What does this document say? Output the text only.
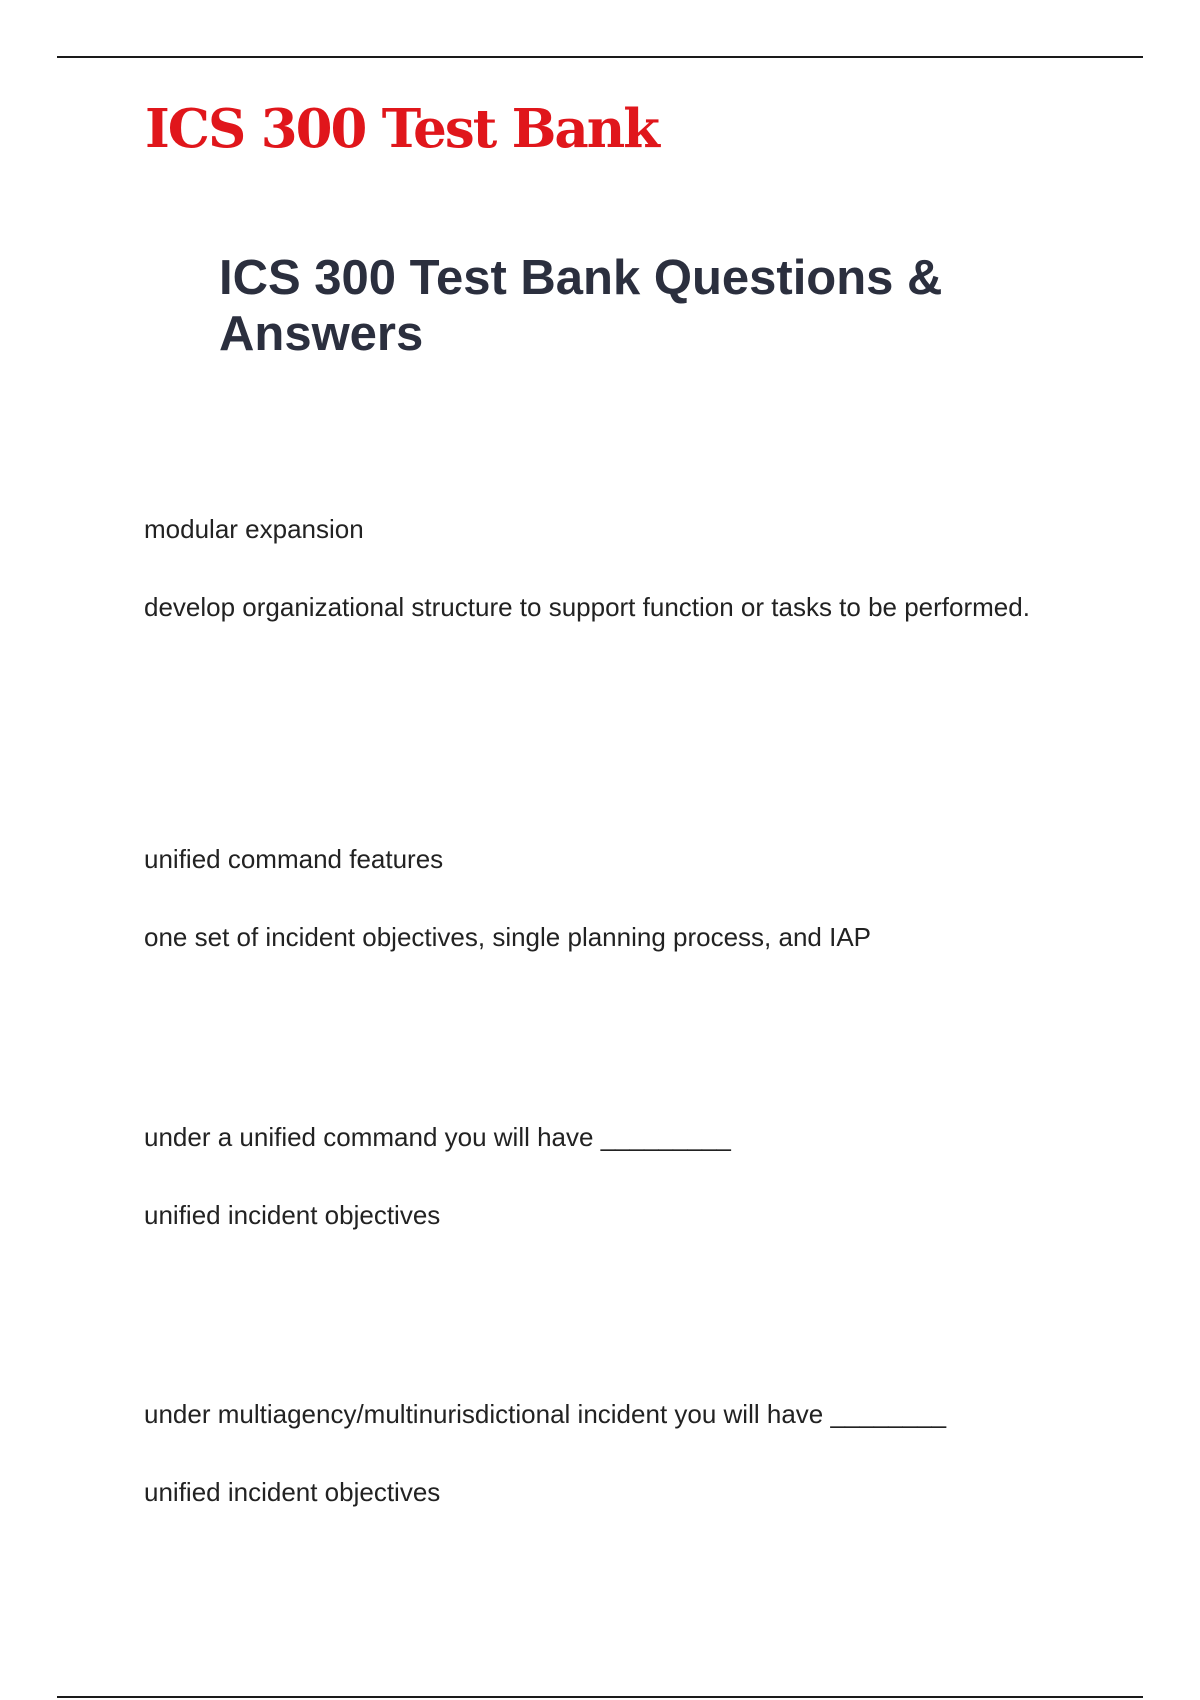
ICS 300 Test Bank
ICS 300 Test Bank Questions & Answers
modular expansion
develop organizational structure to support function or tasks to be performed.
unified command features
one set of incident objectives, single planning process, and IAP
under a unified command you will have _________
unified incident objectives
under multiagency/multinurisdictional incident you will have ________
unified incident objectives
